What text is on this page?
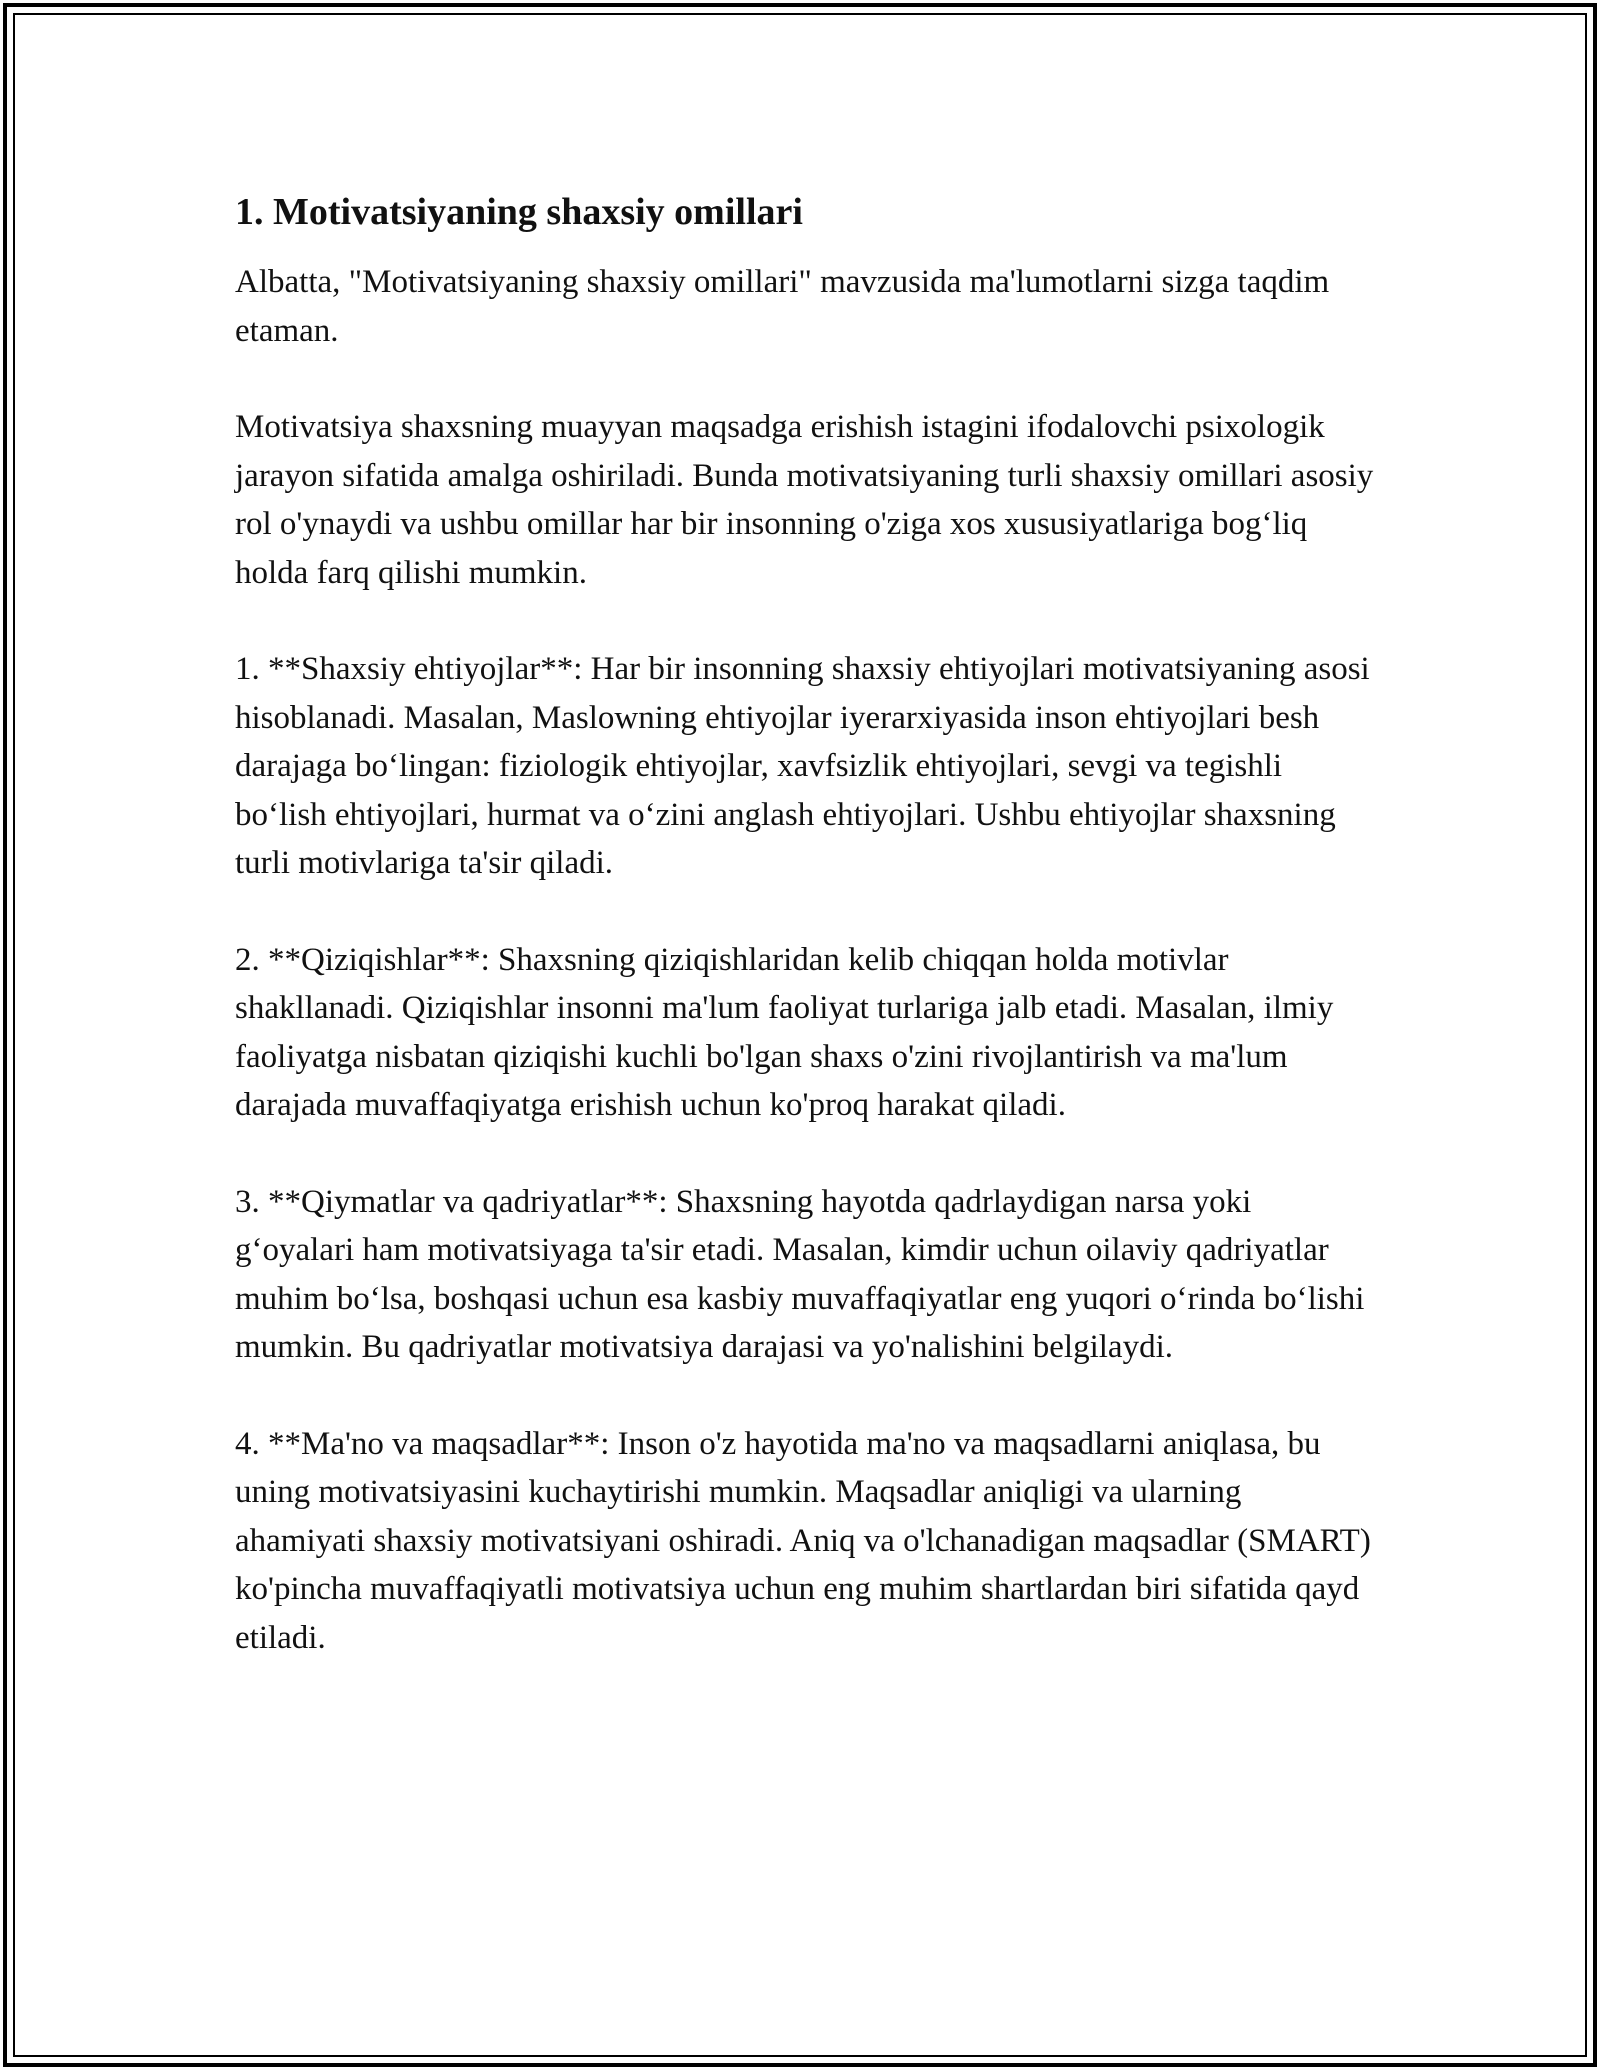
1. Motivatsiyaning shaxsiy omillari

Albatta, "Motivatsiyaning shaxsiy omillari" mavzusida ma'lumotlarni sizga taqdim etaman.

Motivatsiya shaxsning muayyan maqsadga erishish istagini ifodalovchi psixologik jarayon sifatida amalga oshiriladi. Bunda motivatsiyaning turli shaxsiy omillari asosiy rol o'ynaydi va ushbu omillar har bir insonning o'ziga xos xususiyatlariga bog‘liq holda farq qilishi mumkin.

1. **Shaxsiy ehtiyojlar**: Har bir insonning shaxsiy ehtiyojlari motivatsiyaning asosi hisoblanadi. Masalan, Maslowning ehtiyojlar iyerarxiyasida inson ehtiyojlari besh darajaga bo‘lingan: fiziologik ehtiyojlar, xavfsizlik ehtiyojlari, sevgi va tegishli bo‘lish ehtiyojlari, hurmat va o‘zini anglash ehtiyojlari. Ushbu ehtiyojlar shaxsning turli motivlariga ta'sir qiladi.

2. **Qiziqishlar**: Shaxsning qiziqishlaridan kelib chiqqan holda motivlar shakllanadi. Qiziqishlar insonni ma'lum faoliyat turlariga jalb etadi. Masalan, ilmiy faoliyatga nisbatan qiziqishi kuchli bo'lgan shaxs o'zini rivojlantirish va ma'lum darajada muvaffaqiyatga erishish uchun ko'proq harakat qiladi.

3. **Qiymatlar va qadriyatlar**: Shaxsning hayotda qadrlaydigan narsa yoki g‘oyalari ham motivatsiyaga ta'sir etadi. Masalan, kimdir uchun oilaviy qadriyatlar muhim bo‘lsa, boshqasi uchun esa kasbiy muvaffaqiyatlar eng yuqori o‘rinda bo‘lishi mumkin. Bu qadriyatlar motivatsiya darajasi va yo'nalishini belgilaydi.

4. **Ma'no va maqsadlar**: Inson o'z hayotida ma'no va maqsadlarni aniqlasa, bu uning motivatsiyasini kuchaytirishi mumkin. Maqsadlar aniqligi va ularning ahamiyati shaxsiy motivatsiyani oshiradi. Aniq va o'lchanadigan maqsadlar (SMART) ko'pincha muvaffaqiyatli motivatsiya uchun eng muhim shartlardan biri sifatida qayd etiladi.
